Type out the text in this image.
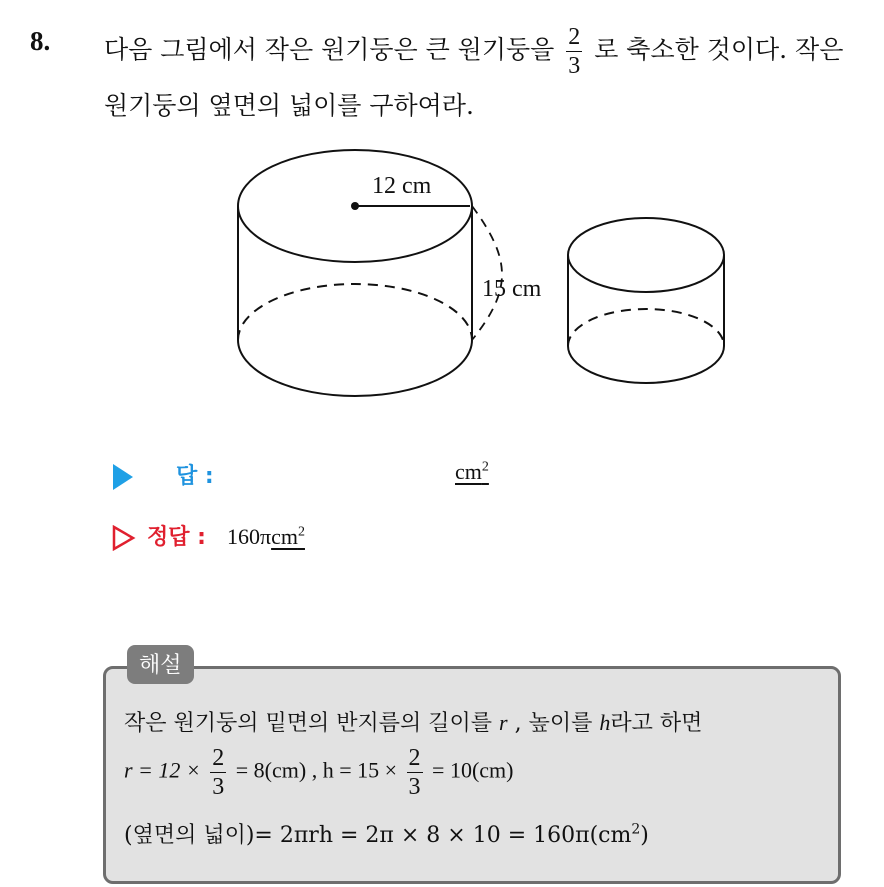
8. 다음 그림에서 작은 원기둥은 큰 원기둥을 $\frac{2}{3}$ 로 축소한 것이다. 작은
원기둥의 옆면의 넓이를 구하여라.
12 cm
15 cm
답 :	$cm^2$
정답 : 160πcm$^2$
해설
작은 원기둥의 밑면의 반지름의 길이를 r , 높이를 h라고 하면
$r = 12 \times \frac{2}{3} = 8(cm)$ , $h = 15 \times \frac{2}{3} = 10(cm)$
(옆면의 넓이)= $2\pi rh = 2\pi \times 8 \times 10 = 160\pi(cm^2)$
